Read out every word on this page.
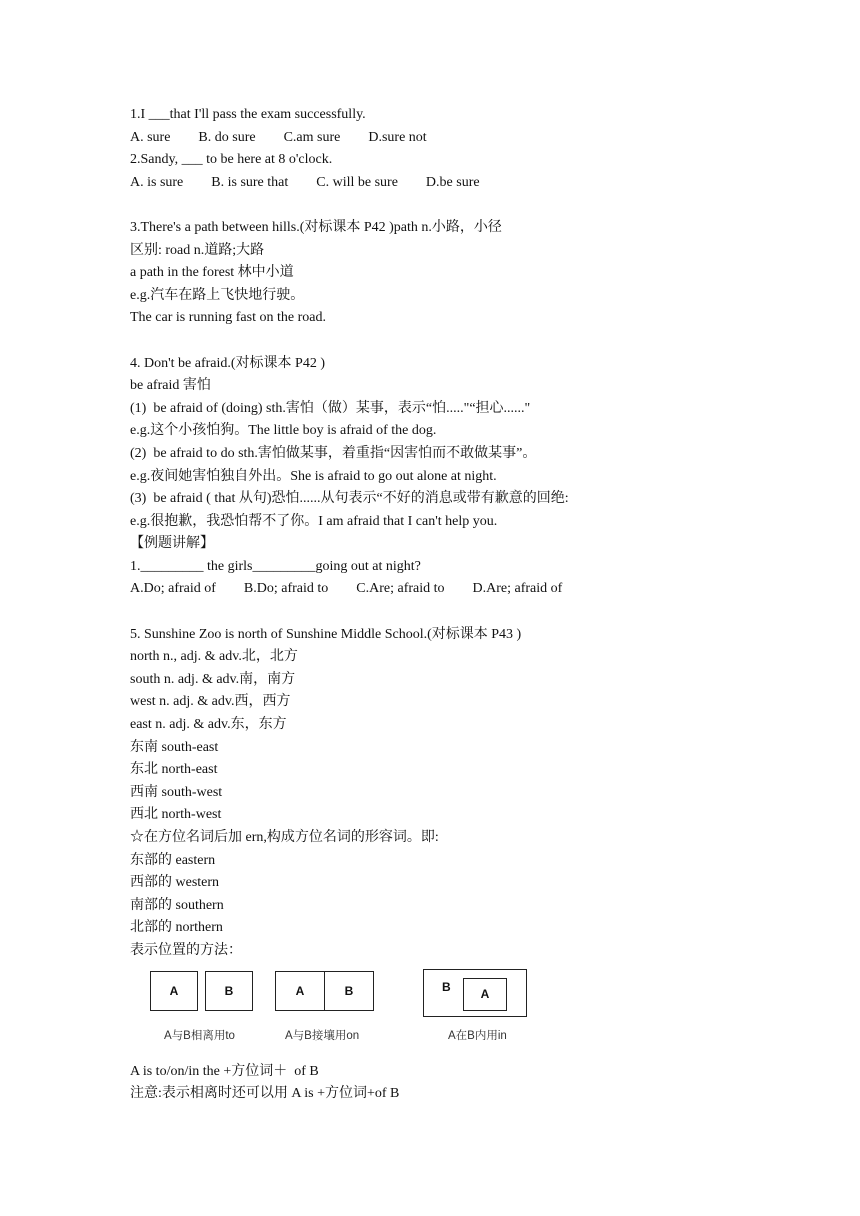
1.I ___that I'll pass the exam successfully.
A. sure        B. do sure        C.am sure        D.sure not
2.Sandy, ___ to be here at 8 o'clock.
A. is sure        B. is sure that        C. will be sure        D.be sure
3.There's a path between hills.(对标课本 P42 )path n.小路，小径
区别: road n.道路;大路
a path in the forest 林中小道
e.g.汽车在路上飞快地行驶。
The car is running fast on the road.
4. Don't be afraid.(对标课本 P42 )
be afraid 害怕
(1)  be afraid of (doing) sth.害怕（做）某事，表示“怕....."“担心......"
e.g.这个小孩怕狗。The little boy is afraid of the dog.
(2)  be afraid to do sth.害怕做某事，着重指“因害怕而不敢做某事”。
e.g.夜间她害怕独自外出。She is afraid to go out alone at night.
(3)  be afraid ( that 从句)恐怕......从句表示“不好的消息或带有歉意的回绝:
e.g.很抱歉，我恐怕帮不了你。I am afraid that I can't help you.
【例题讲解】
1._________ the girls_________going out at night?
A.Do; afraid of        B.Do; afraid to        C.Are; afraid to        D.Are; afraid of
5. Sunshine Zoo is north of Sunshine Middle School.(对标课本 P43 )
north n., adj. & adv.北，北方
south n. adj. & adv.南，南方
west n. adj. & adv.西，西方
east n. adj. & adv.东，东方
东南 south-east
东北 north-east
西南 south-west
西北 north-west
☆在方位名词后加 ern,构成方位名词的形容词。即:
东部的 eastern
西部的 western
南部的 southern
北部的 northern
表示位置的方法：
A	B
A与B相离用to
A	B
A与B接壤用on
B
A
A在B内用in
A is to/on/in the +方位词＋  of B
注意:表示相离时还可以用 A is +方位词+of B
